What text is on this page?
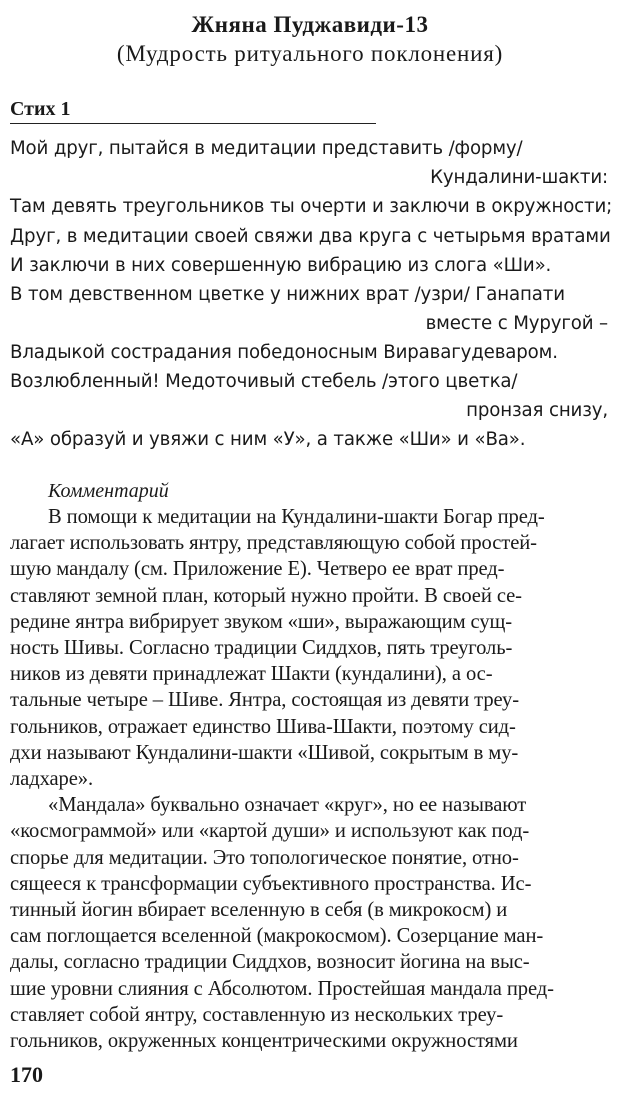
Жняна Пуджавиди-13
(Мудрость ритуального поклонения)
Стих 1
Мой друг, пытайся в медитации представить /форму/
Кундалини-шакти:
Там девять треугольников ты очерти и заключи в окружности;
Друг, в медитации своей свяжи два круга с четырьмя вратами
И заключи в них совершенную вибрацию из слога «Ши».
В том девственном цветке у нижних врат /узри/ Ганапати
вместе с Муругой –
Владыкой сострадания победоносным Виравагудеваром.
Возлюбленный! Медоточивый стебель /этого цветка/
пронзая снизу,
«А» образуй и увяжи с ним «У», а также «Ши» и «Ва».
Комментарий
В помощи к медитации на Кундалини-шакти Богар пред-
лагает использовать янтру, представляющую собой простей-
шую мандалу (см. Приложение Е). Четверо ее врат пред-
ставляют земной план, который нужно пройти. В своей се-
редине янтра вибрирует звуком «ши», выражающим сущ-
ность Шивы. Согласно традиции Сиддхов, пять треуголь-
ников из девяти принадлежат Шакти (кундалини), а ос-
тальные четыре – Шиве. Янтра, состоящая из девяти треу-
гольников, отражает единство Шива-Шакти, поэтому сид-
дхи называют Кундалини-шакти «Шивой, сокрытым в му-
ладхаре».
«Мандала» буквально означает «круг», но ее называют
«космограммой» или «картой души» и используют как под-
спорье для медитации. Это топологическое понятие, отно-
сящееся к трансформации субъективного пространства. Ис-
тинный йогин вбирает вселенную в себя (в микрокосм) и
сам поглощается вселенной (макрокосмом). Созерцание ман-
далы, согласно традиции Сиддхов, возносит йогина на выс-
шие уровни слияния с Абсолютом. Простейшая мандала пред-
ставляет собой янтру, составленную из нескольких треу-
гольников, окруженных концентрическими окружностями
170
